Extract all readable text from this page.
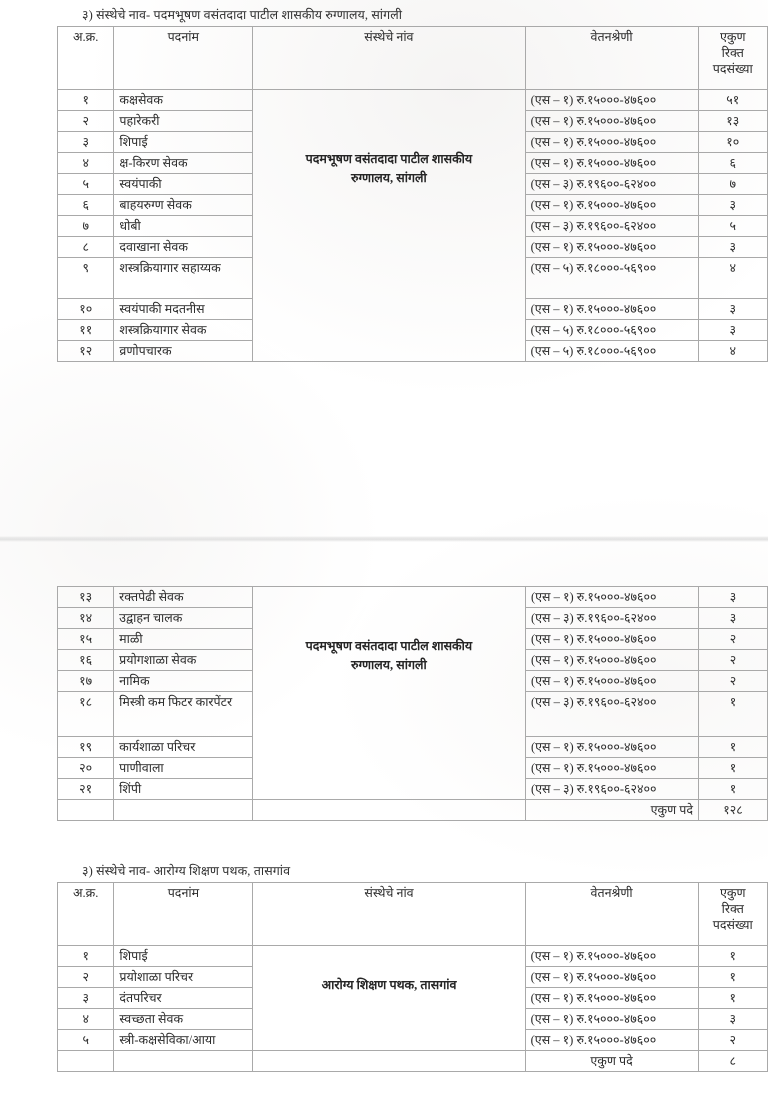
३) संस्थेचे नाव- पदमभूषण वसंतदादा पाटील शासकीय रुग्णालय, सांगली
अ.क्र.	पदनांम	संस्थेचे नांव	वेतनश्रेणी	एकुण
रिक्त
पदसंख्या

१	कक्षसेवक	पदमभूषण वसंतदादा पाटील शासकीय
रुग्णालय, सांगली	(एस – १) रु.१५०००-४७६००	५१
२	पहारेकरी		(एस – १) रु.१५०००-४७६००	१३
३	शिपाई		(एस – १) रु.१५०००-४७६००	१०
४	क्ष-किरण सेवक		(एस – १) रु.१५०००-४७६००	६
५	स्वयंपाकी		(एस – ३) रु.१९६००-६२४००	७
६	बाहयरुग्ण सेवक		(एस – १) रु.१५०००-४७६००	३
७	धोबी		(एस – ३) रु.१९६००-६२४००	५
८	दवाखाना सेवक		(एस – १) रु.१५०००-४७६००	३
९	शस्त्रक्रियागार सहाय्यक		(एस – ५) रु.१८०००-५६९००	४
१०	स्वयंपाकी मदतनीस		(एस – १) रु.१५०००-४७६००	३
११	शस्त्रक्रियागार सेवक		(एस – ५) रु.१८०००-५६९००	३
१२	व्रणोपचारक		(एस – ५) रु.१८०००-५६९००	४
१३	रक्तपेढी सेवक	पदमभूषण वसंतदादा पाटील शासकीय
रुग्णालय, सांगली	(एस – १) रु.१५०००-४७६००	३
१४	उद्वाहन चालक		(एस – ३) रु.१९६००-६२४००	३
१५	माळी		(एस – १) रु.१५०००-४७६००	२
१६	प्रयोगशाळा सेवक		(एस – १) रु.१५०००-४७६००	२
१७	नामिक		(एस – १) रु.१५०००-४७६००	२
१८	मिस्त्री कम फिटर कारपेंटर		(एस – ३) रु.१९६००-६२४००	१
१९	कार्यशाळा परिचर		(एस – १) रु.१५०००-४७६००	१
२०	पाणीवाला		(एस – १) रु.१५०००-४७६००	१
२१	शिंपी		(एस – ३) रु.१९६००-६२४००	१
			एकुण पदे	१२८
३) संस्थेचे नाव- आरोग्य शिक्षण पथक, तासगांव
अ.क्र.	पदनांम	संस्थेचे नांव	वेतनश्रेणी	एकुण
रिक्त
पदसंख्या

१	शिपाई	आरोग्य शिक्षण पथक, तासगांव	(एस – १) रु.१५०००-४७६००	१
२	प्रयोशाळा परिचर		(एस – १) रु.१५०००-४७६००	१
३	दंतपरिचर		(एस – १) रु.१५०००-४७६००	१
४	स्वच्छता सेवक		(एस – १) रु.१५०००-४७६००	३
५	स्त्री-कक्षसेविका/आया		(एस – १) रु.१५०००-४७६००	२
			एकुण पदे	८
